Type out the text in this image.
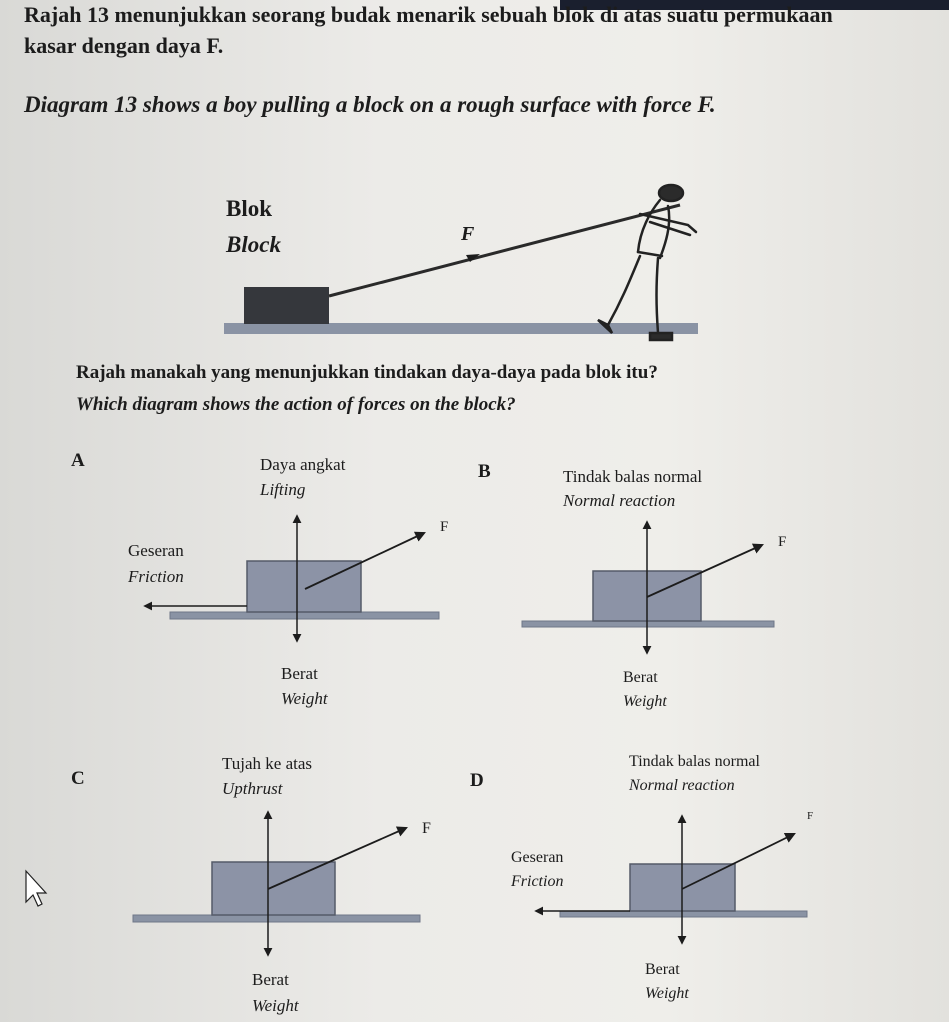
Rajah 13 menunjukkan seorang budak menarik sebuah blok di atas suatu permukaan
kasar dengan daya F.
Diagram 13 shows a boy pulling a block on a rough surface with force F.
Blok
Block	F
Rajah manakah yang menunjukkan tindakan daya-daya pada blok itu?
Which diagram shows the action of forces on the block?
A	Daya angkat
Lifting
Geseran
Friction
F
Berat
Weight
B	Tindak balas normal
Normal reaction
F
Berat
Weight
C
Tujah ke atas
Upthrust
F
Berat
Weight
D
Tindak balas normal
Normal reaction
Geseran
Friction
F
Berat
Weight
